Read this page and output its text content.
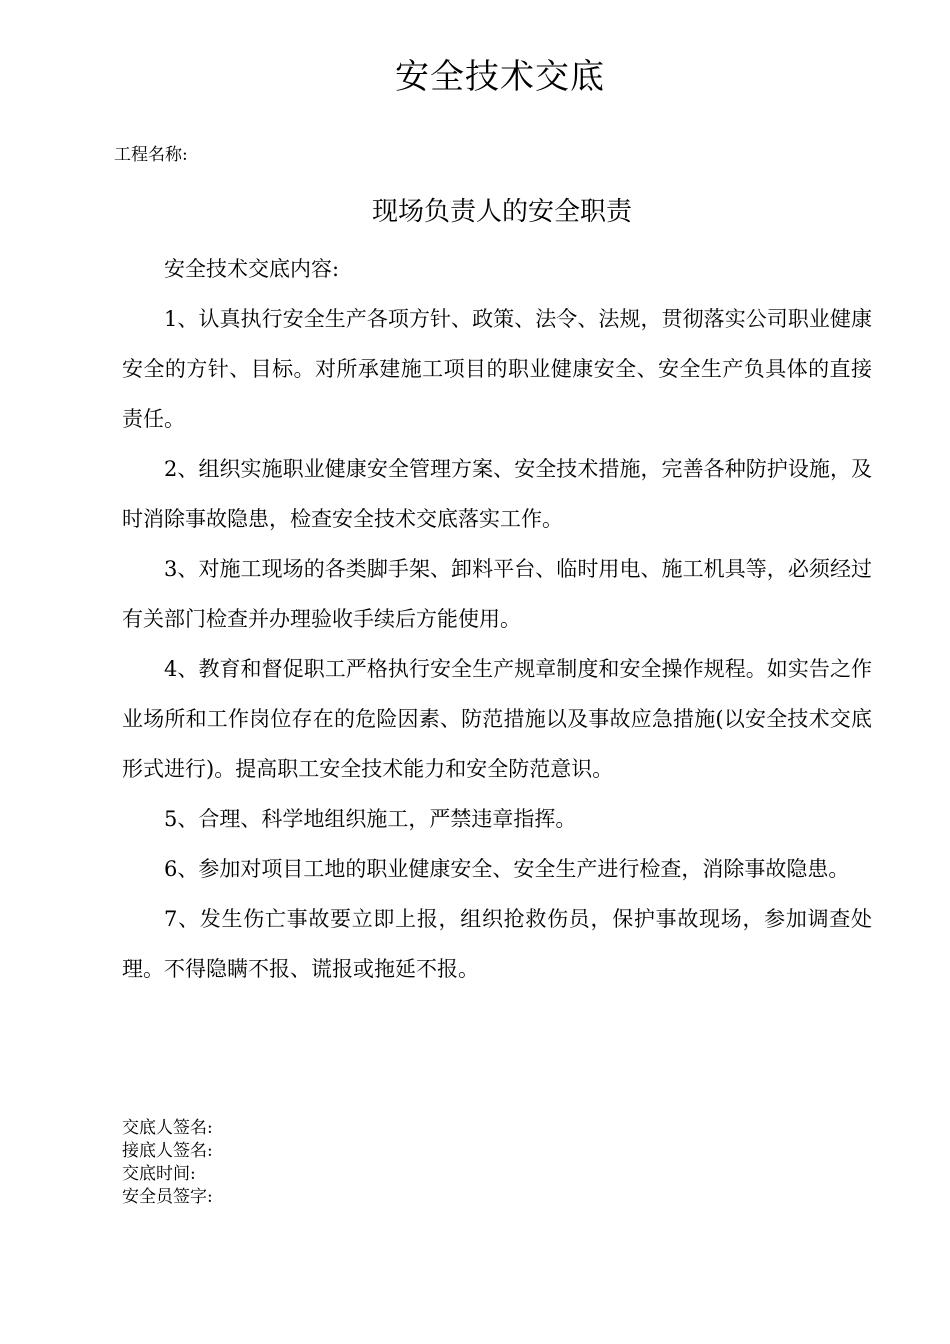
安全技术交底
工程名称:
现场负责人的安全职责

安全技术交底内容:

1、认真执行安全生产各项方针、政策、法令、法规，贯彻落实公司职业健康安全的方针、目标。对所承建施工项目的职业健康安全、安全生产负具体的直接责任。

2、组织实施职业健康安全管理方案、安全技术措施，完善各种防护设施，及时消除事故隐患，检查安全技术交底落实工作。

3、对施工现场的各类脚手架、卸料平台、临时用电、施工机具等，必须经过有关部门检查并办理验收手续后方能使用。

4、教育和督促职工严格执行安全生产规章制度和安全操作规程。如实告之作业场所和工作岗位存在的危险因素、防范措施以及事故应急措施(以安全技术交底形式进行)。提高职工安全技术能力和安全防范意识。

5、合理、科学地组织施工，严禁违章指挥。

6、参加对项目工地的职业健康安全、安全生产进行检查，消除事故隐患。

7、发生伤亡事故要立即上报，组织抢救伤员，保护事故现场，参加调查处理。不得隐瞒不报、谎报或拖延不报。

交底人签名:
接底人签名:
交底时间:
安全员签字:
